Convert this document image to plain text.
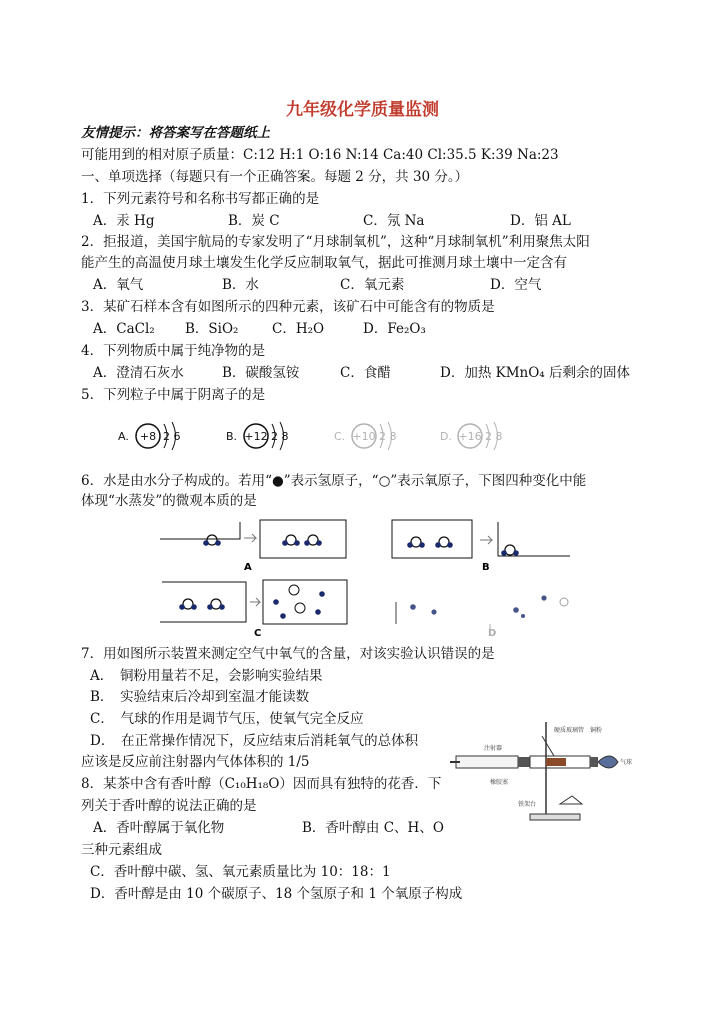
九年级化学质量监测
友情提示：将答案写在答题纸上
可能用到的相对原子质量：C:12 H:1 O:16 N:14 Ca:40 Cl:35.5 K:39 Na:23
一、单项选择（每题只有一个正确答案。每题 2 分，共 30 分。）
1．下列元素符号和名称书写都正确的是
A．汞 Hg	B．炭 C	C．氖 Na	D．铝 AL
2．拒报道，美国宇航局的专家发明了“月球制氧机”，这种“月球制氧机”利用聚焦太阳
能产生的高温使月球土壤发生化学反应制取氧气，据此可推测月球土壤中一定含有
A．氧气	B．水	C．氧元素	D．空气
3．某矿石样本含有如图所示的四种元素，该矿石中可能含有的物质是
A．CaCl₂ B．SiO₂ C．H₂O	D．Fe₂O₃
4．下列物质中属于纯净物的是
A．澄清石灰水	B．碳酸氢铵	C．食醋	D．加热 KMnO₄ 后剩余的固体
5．下列粒子中属于阴离子的是
A. +8 2 6	B. +12 2 8	C. +10 2 8	D. +16 2 8
6．水是由水分子构成的。若用“●”表示氢原子，“○”表示氧原子，下图四种变化中能
体现“水蒸发”的微观本质的是
A	B
C	D
7．用如图所示装置来测定空气中氧气的含量，对该实验认识错误的是
A．　铜粉用量若不足，会影响实验结果
B．　实验结束后冷却到室温才能读数
C．　气球的作用是调节气压，使氧气完全反应
D．　在正常操作情况下，反应结束后消耗氧气的总体积
应该是反应前注射器内气体体积的 1/5
注射器
硬质玻璃管 铜粉
气球
橡胶塞
铁架台
8．某茶中含有香叶醇（C₁₀H₁₈O）因而具有独特的花香．下
列关于香叶醇的说法正确的是
A．香叶醇属于氧化物	B．香叶醇由 C、H、O
三种元素组成
C．香叶醇中碳、氢、氧元素质量比为 10：18：1
D．香叶醇是由 10 个碳原子、18 个氢原子和 1 个氧原子构成
